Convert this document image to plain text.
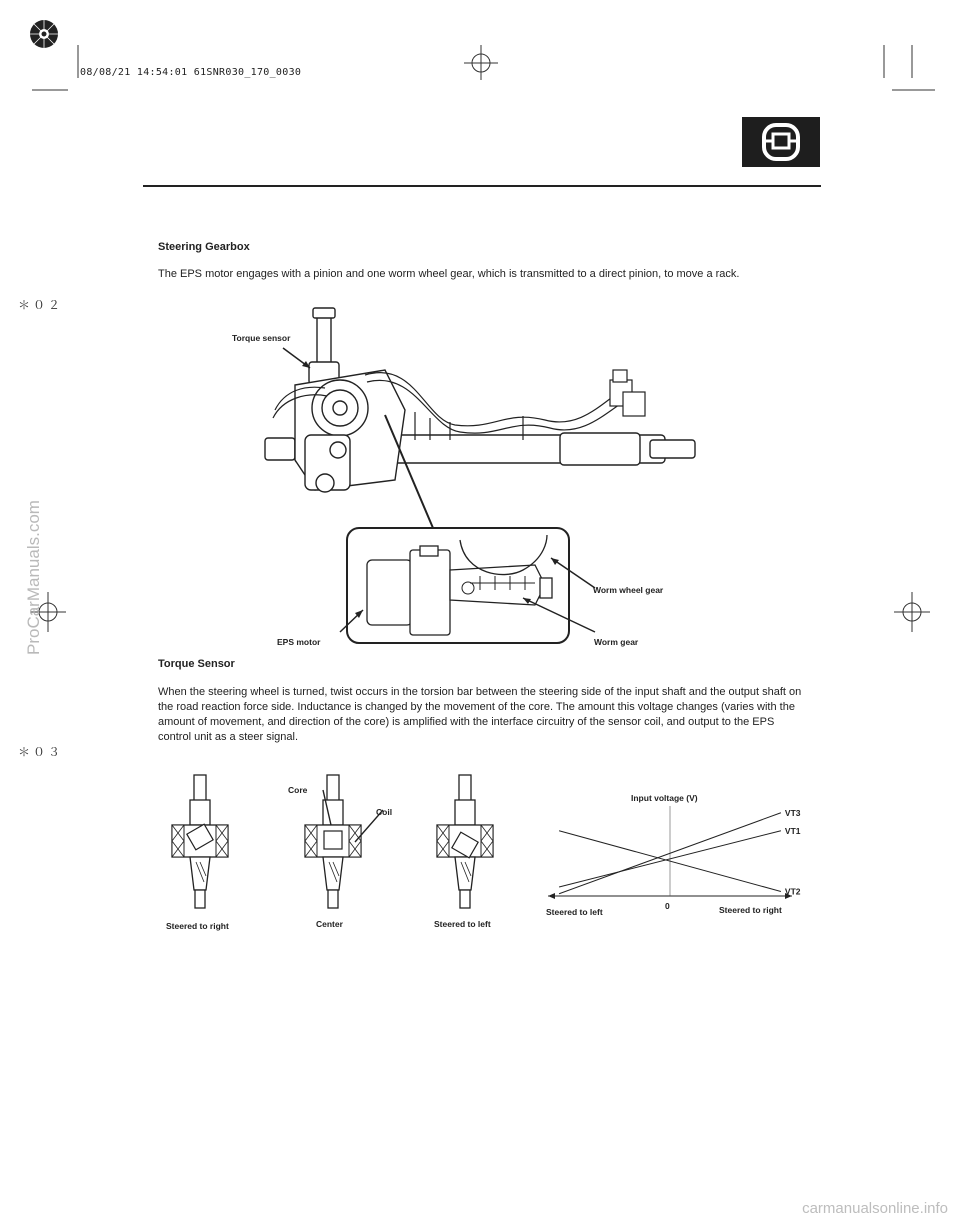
08/08/21 14:54:01 61SNR030_170_0030
＊０２
＊０３
ProCarManuals.com
carmanualsonline.info
Steering Gearbox

The EPS motor engages with a pinion and one worm wheel gear, which is transmitted to a direct pinion, to move a rack.

Torque sensor
Worm wheel gear
EPS motor	Worm gear
Torque Sensor

When the steering wheel is turned, twist occurs in the torsion bar between the steering side of the input shaft and the output shaft on the road reaction force side. Inductance is changed by the movement of the core. The amount this voltage changes (varies with the amount of movement, and direction of the core) is amplified with the interface circuitry of the sensor coil, and output to the EPS control unit as a steer signal.

Core
Coil
Steered to right	Center	Steered to left
VT3
VT1
VT2
Input voltage (V)
Steered to left	Steered to right
0
